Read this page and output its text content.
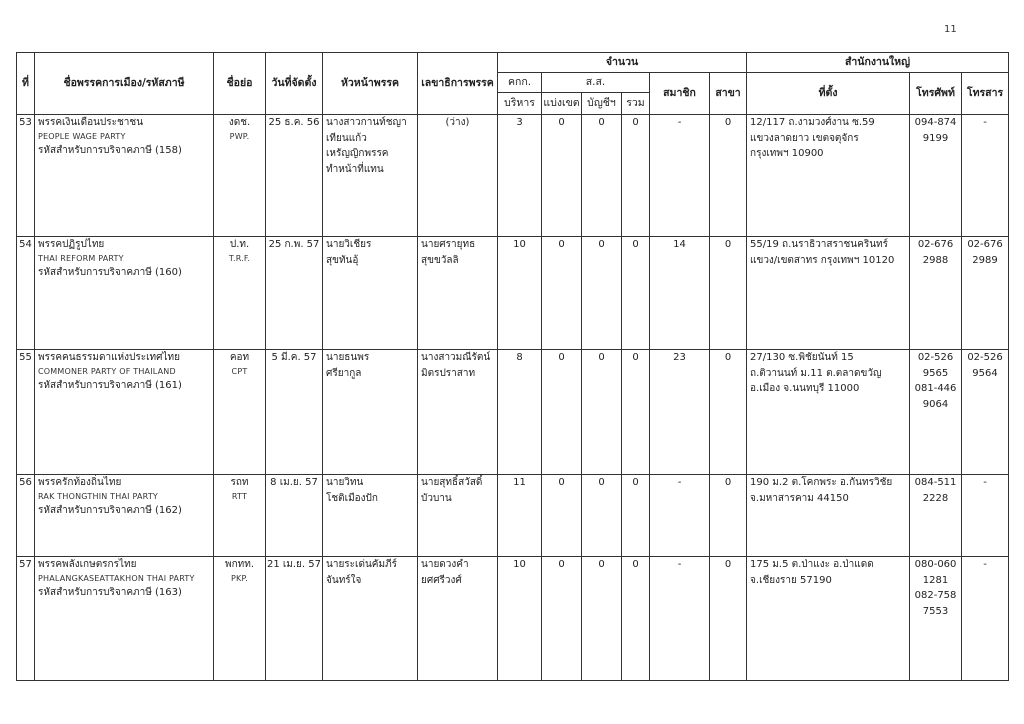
11
ที่	ชื่อพรรคการเมือง/รหัสภาษี	ชื่อย่อ	วันที่จัดตั้ง	หัวหน้าพรรค	เลขาธิการพรรค	จำนวน						สำนักงานใหญ่		
						คกก.	ส.ส.			สมาชิก	สาขา	ที่ตั้ง	โทรศัพท์	โทรสาร
						บริหาร	แบ่งเขต	บัญชีฯ	รวม					
53	พรรคเงินเดือนประชาชน
PEOPLE WAGE PARTY
รหัสสำหรับการบริจาคภาษี (158)	งดช.
PWP.	25 ธ.ค. 56	นางสาวกานท์ชญา
เทียนแก้ว
เหรัญญิกพรรค
ทำหน้าที่แทน	(ว่าง)	3	0	0	0	-	0	12/117 ถ.งามวงศ์งาน ซ.59
แขวงลาดยาว เขตจตุจักร
กรุงเทพฯ 10900	094-874
9199	-
54	พรรคปฏิรูปไทย
THAI REFORM PARTY
รหัสสำหรับการบริจาคภาษี (160)	ป.ท.
T.R.F.	25 ก.พ. 57	นายวิเชียร
สุขทันอุ้	นายศรายุทธ
สุขขวัลลิ	10	0	0	0	14	0	55/19 ถ.นราธิวาสราชนครินทร์
แขวง/เขตสาทร กรุงเทพฯ 10120	02-676
2988	02-676
2989
55	พรรคคนธรรมดาแห่งประเทศไทย
COMMONER PARTY OF THAILAND
รหัสสำหรับการบริจาคภาษี (161)	คอท
CPT	5 มี.ค. 57	นายธนพร
ศรียากูล	นางสาวมณีรัตน์
มิตรปราสาท	8	0	0	0	23	0	27/130 ซ.พิชัยนันท์ 15
ถ.ติวานนท์ ม.11 ต.ตลาดขวัญ
อ.เมือง จ.นนทบุรี 11000	02-526
9565
081-446
9064	02-526
9564
56	พรรครักท้องถิ่นไทย
RAK THONGTHIN THAI PARTY
รหัสสำหรับการบริจาคภาษี (162)	รถท
RTT	8 เม.ย. 57	นายวิทน
โชติเมืองปัก	นายสุทธิ์สวัสดิ์
บัวบาน	11	0	0	0	-	0	190 ม.2 ต.โคกพระ อ.กันทรวิชัย
จ.มหาสารคาม 44150	084-511
2228	-
57	พรรคพลังเกษตรกรไทย
PHALANGKASEATTAKHON THAI PARTY
รหัสสำหรับการบริจาคภาษี (163)	พกทท.
PKP.	21 เม.ย. 57	นายระเด่นคัมภีร์
จันทร์ใจ	นายดวงคำ
ยศศรีวงศ์	10	0	0	0	-	0	175 ม.5 ต.ป่าแงะ อ.ป่าแดด
จ.เชียงราย 57190	080-060
1281
082-758
7553	-
